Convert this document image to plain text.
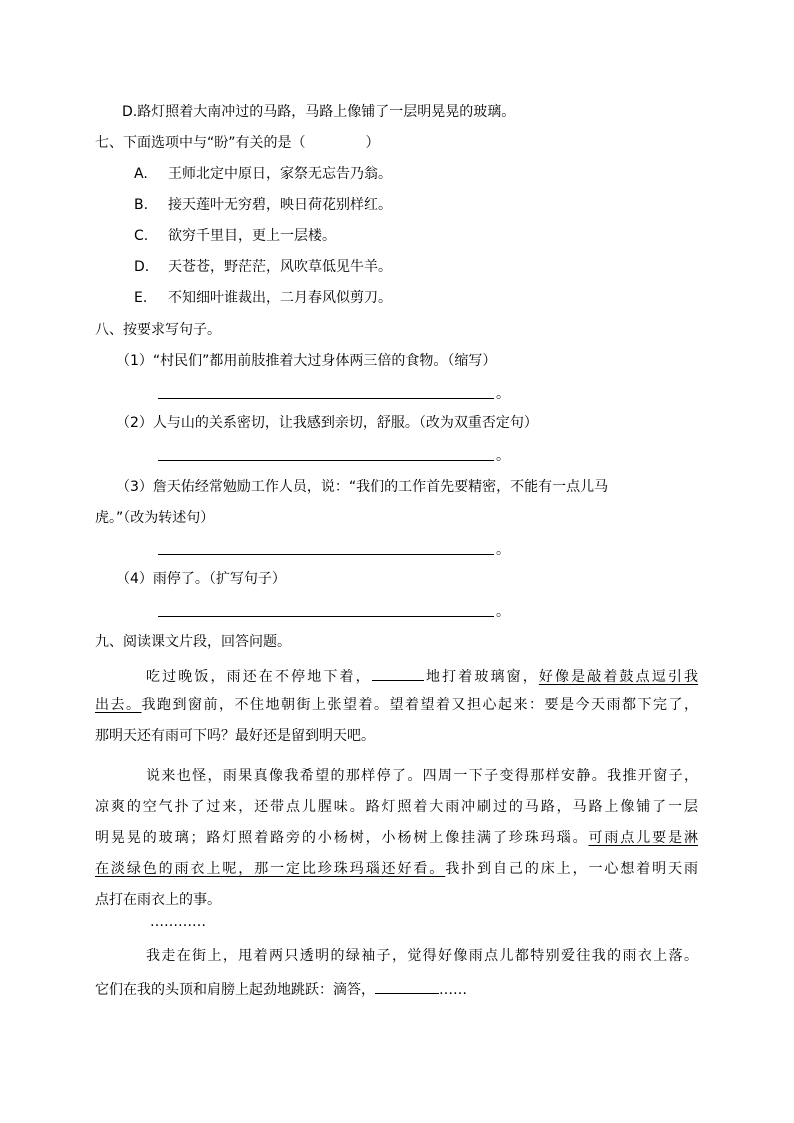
D.路灯照着大南冲过的马路，马路上像铺了一层明晃晃的玻璃。
七、下面选项中与“盼”有关的是（	）
A. 王师北定中原日，家祭无忘告乃翁。
B. 接天莲叶无穷碧，映日荷花别样红。
C. 欲穷千里目，更上一层楼。
D. 天苍苍，野茫茫，风吹草低见牛羊。
E. 不知细叶谁裁出，二月春风似剪刀。
八、按要求写句子。
（1）“村民们”都用前肢推着大过身体两三倍的食物。（缩写）
。
（2）人与山的关系密切，让我感到亲切，舒服。（改为双重否定句）
。
（3）詹天佑经常勉励工作人员，说：“我们的工作首先要精密，不能有一点儿马
虎。”（改为转述句）
。
（4）雨停了。（扩写句子）
。
九、阅读课文片段，回答问题。
吃过晚饭，雨还在不停地下着，	地打着玻璃窗，好像是敲着鼓点逗引我
出去。我跑到窗前，不住地朝街上张望着。望着望着又担心起来：要是今天雨都下完了，
那明天还有雨可下吗？最好还是留到明天吧。
说来也怪，雨果真像我希望的那样停了。四周一下子变得那样安静。我推开窗子，
凉爽的空气扑了过来，还带点儿腥味。路灯照着大雨冲刷过的马路，马路上像铺了一层
明晃晃的玻璃；路灯照着路旁的小杨树，小杨树上像挂满了珍珠玛瑙。可雨点儿要是淋
在淡绿色的雨衣上呢，那一定比珍珠玛瑙还好看。我扑到自己的床上，一心想着明天雨
点打在雨衣上的事。
…………
我走在街上，甩着两只透明的绿袖子，觉得好像雨点儿都特别爱往我的雨衣上落。
它们在我的头顶和肩膀上起劲地跳跃：滴答，	……
